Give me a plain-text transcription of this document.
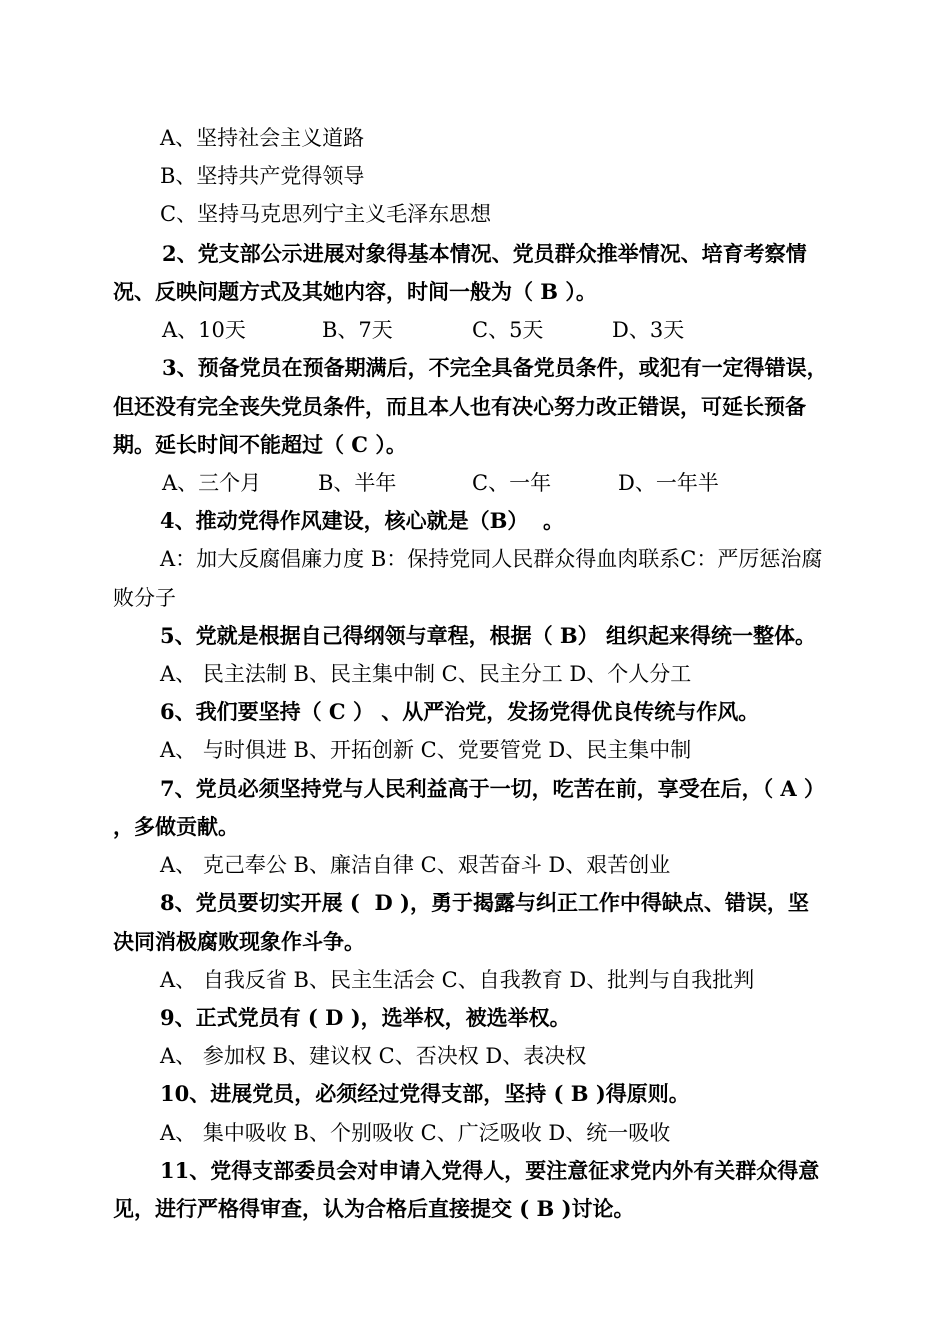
A、坚持社会主义道路
B、坚持共产党得领导
C、坚持马克思列宁主义毛泽东思想
2、党支部公示进展对象得基本情况、党员群众推举情况、培育考察情
况、反映问题方式及其她内容，时间一般为（ B ）。
A、10天	B、7天	C、5天	D、3天
3、预备党员在预备期满后，不完全具备党员条件，或犯有一定得错误，
但还没有完全丧失党员条件，而且本人也有决心努力改正错误，可延长预备
期。延长时间不能超过（ C ）。
A、三个月	B、半年	C、一年	D、一年半
4、推动党得作风建设，核心就是（B）  。
A：加大反腐倡廉力度 B：保持党同人民群众得血肉联系C：严厉惩治腐
败分子
5、党就是根据自己得纲领与章程，根据（ B） 组织起来得统一整体。
A、 民主法制 B、民主集中制 C、民主分工 D、个人分工
6、我们要坚持（ C ） 、从严治党，发扬党得优良传统与作风。
A、 与时俱进 B、开拓创新 C、党要管党 D、民主集中制
7、党员必须坚持党与人民利益高于一切，吃苦在前，享受在后，（ A ）
，多做贡献。
A、 克己奉公 B、廉洁自律 C、艰苦奋斗 D、艰苦创业
8、党员要切实开展 (  D )，勇于揭露与纠正工作中得缺点、错误，坚
决同消极腐败现象作斗争。
A、 自我反省 B、民主生活会 C、自我教育 D、批判与自我批判
9、正式党员有 ( D )，选举权，被选举权。
A、 参加权 B、建议权 C、否决权 D、表决权
10、进展党员，必须经过党得支部，坚持 ( B )得原则。
A、 集中吸收 B、个别吸收 C、广泛吸收 D、统一吸收
11、党得支部委员会对申请入党得人，要注意征求党内外有关群众得意
见，进行严格得审查，认为合格后直接提交 ( B )讨论。
